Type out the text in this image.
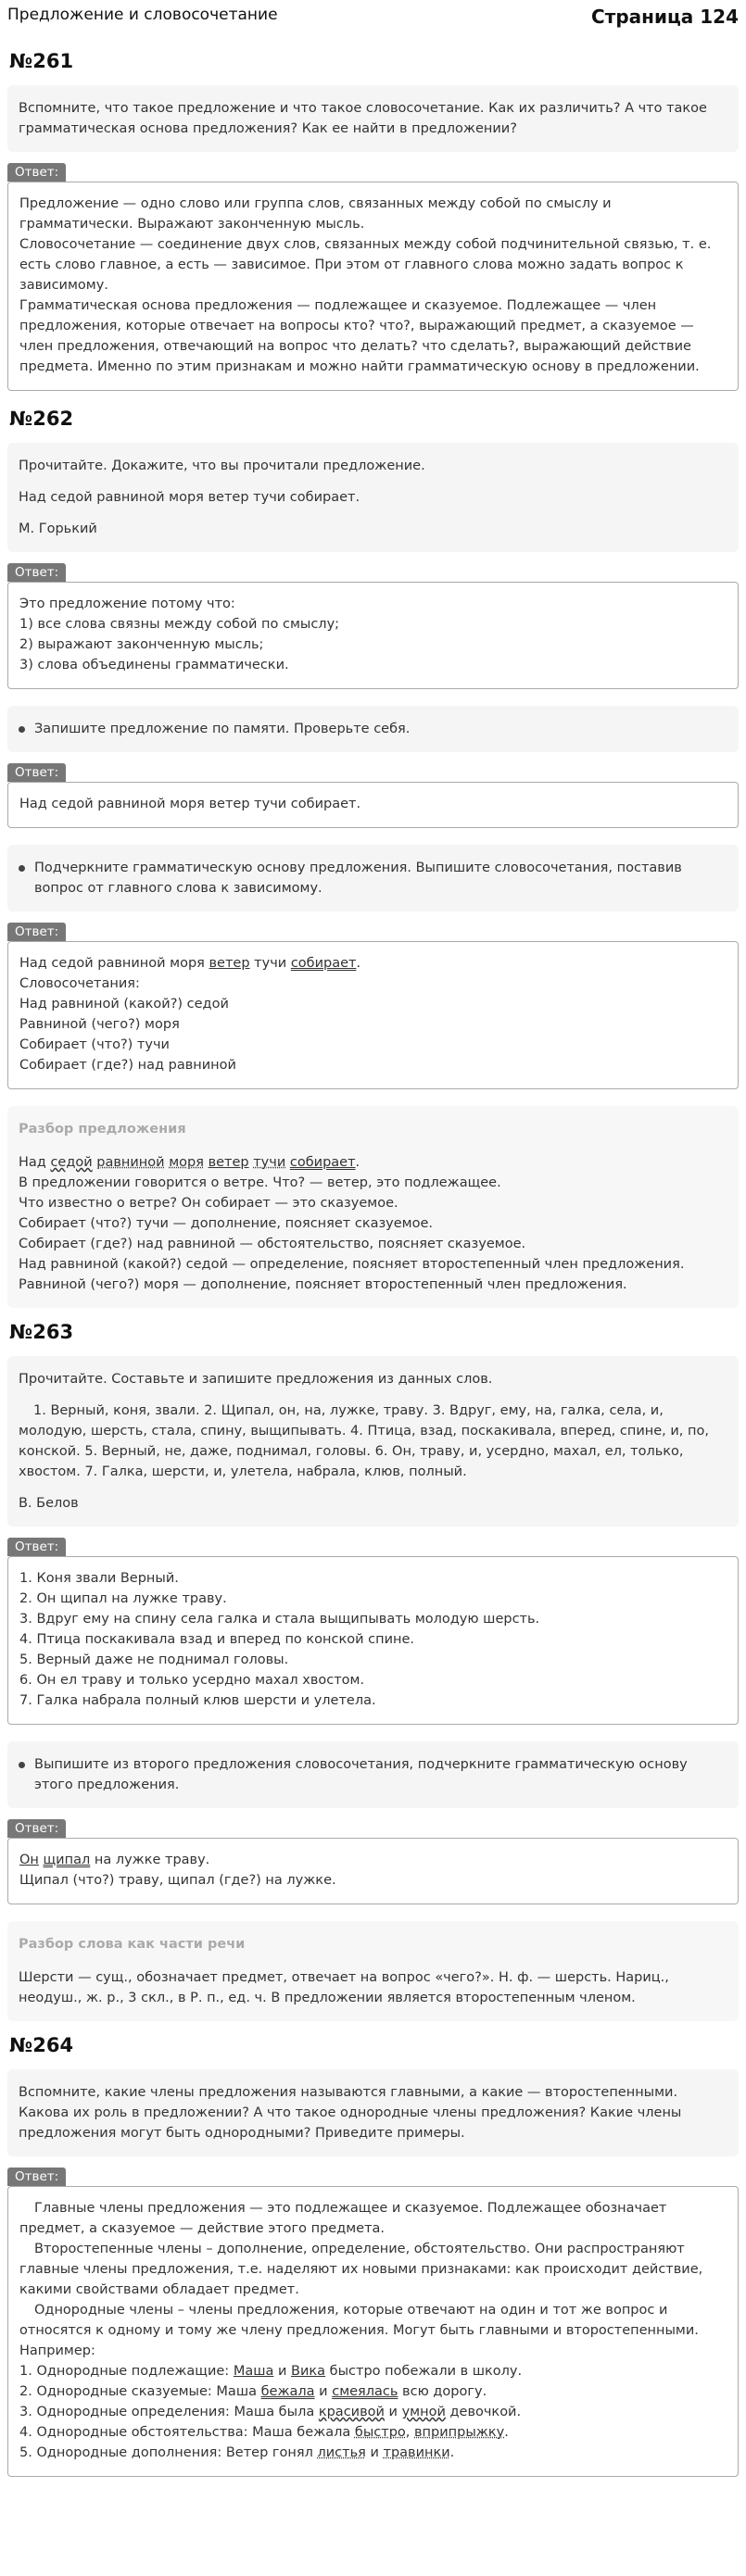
Предложение и словосочетание	Страница 124
№261

Вспомните, что такое предложение и что такое словосочетание. Как их различить? А что такое грамматическая основа предложения? Как ее найти в предложении?

Ответ:
Предложение — одно слово или группа слов, связанных между собой по смыслу и грамматически. Выражают законченную мысль.
Словосочетание — соединение двух слов, связанных между собой подчинительной связью, т. е. есть слово главное, а есть — зависимое. При этом от главного слова можно задать вопрос к зависимому.
Грамматическая основа предложения — подлежащее и сказуемое. Подлежащее — член предложения, которые отвечает на вопросы кто? что?, выражающий предмет, а сказуемое — член предложения, отвечающий на вопрос что делать? что сделать?, выражающий действие предмета. Именно по этим признакам и можно найти грамматическую основу в предложении.
№262

Прочитайте. Докажите, что вы прочитали предложение.

Над седой равниной моря ветер тучи собирает.

М. Горький

Ответ:
Это предложение потому что:
1) все слова связны между собой по смыслу;
2) выражают законченную мысль;
3) слова объединены грамматически.
Запишите предложение по памяти. Проверьте себя.
Ответ:
Над седой равниной моря ветер тучи собирает.
Подчеркните грамматическую основу предложения. Выпишите словосочетания, поставив вопрос от главного слова к зависимому.
Ответ:
Над седой равниной моря ветер тучи собирает.
Словосочетания:
Над равниной (какой?) седой
Равниной (чего?) моря
Собирает (что?) тучи
Собирает (где?) над равниной
Разбор предложения
Над седой равниной моря ветер тучи собирает.
В предложении говорится о ветре. Что? — ветер, это подлежащее.
Что известно о ветре? Он собирает — это сказуемое.
Собирает (что?) тучи — дополнение, поясняет сказуемое.
Собирает (где?) над равниной — обстоятельство, поясняет сказуемое.
Над равниной (какой?) седой — определение, поясняет второстепенный член предложения.
Равниной (чего?) моря — дополнение, поясняет второстепенный член предложения.
№263

Прочитайте. Составьте и запишите предложения из данных слов.

1. Верный, коня, звали. 2. Щипал, он, на, лужке, траву. 3. Вдруг, ему, на, галка, села, и, молодую, шерсть, стала, спину, выщипывать. 4. Птица, взад, поскакивала, вперед, спине, и, по, конской. 5. Верный, не, даже, поднимал, головы. 6. Он, траву, и, усердно, махал, ел, только, хвостом. 7. Галка, шерсти, и, улетела, набрала, клюв, полный.

В. Белов

Ответ:
1. Коня звали Верный.
2. Он щипал на лужке траву.
3. Вдруг ему на спину села галка и стала выщипывать молодую шерсть.
4. Птица поскакивала взад и вперед по конской спине.
5. Верный даже не поднимал головы.
6. Он ел траву и только усердно махал хвостом.
7. Галка набрала полный клюв шерсти и улетела.
Выпишите из второго предложения словосочетания, подчеркните грамматическую основу этого предложения.
Ответ:
Он щипал на лужке траву.
Щипал (что?) траву, щипал (где?) на лужке.
Разбор слова как части речи
Шерсти — сущ., обозначает предмет, отвечает на вопрос «чего?». Н. ф. — шерсть. Нариц., неодуш., ж. р., 3 скл., в Р. п., ед. ч. В предложении является второстепенным членом.
№264

Вспомните, какие члены предложения называются главными, а какие — второстепенными. Какова их роль в предложении? А что такое однородные члены предложения? Какие члены предложения могут быть однородными? Приведите примеры.

Ответ:
Главные члены предложения — это подлежащее и сказуемое. Подлежащее обозначает предмет, а сказуемое — действие этого предмета.
Второстепенные члены – дополнение, определение, обстоятельство. Они распространяют главные члены предложения, т.е. наделяют их новыми признаками: как происходит действие, какими свойствами обладает предмет.
Однородные члены – члены предложения, которые отвечают на один и тот же вопрос и относятся к одному и тому же члену предложения. Могут быть главными и второстепенными.
Например:
1. Однородные подлежащие: Маша и Вика быстро побежали в школу.
2. Однородные сказуемые: Маша бежала и смеялась всю дорогу.
3. Однородные определения: Маша была красивой и умной девочкой.
4. Однородные обстоятельства: Маша бежала быстро, вприпрыжку.
5. Однородные дополнения: Ветер гонял листья и травинки.
